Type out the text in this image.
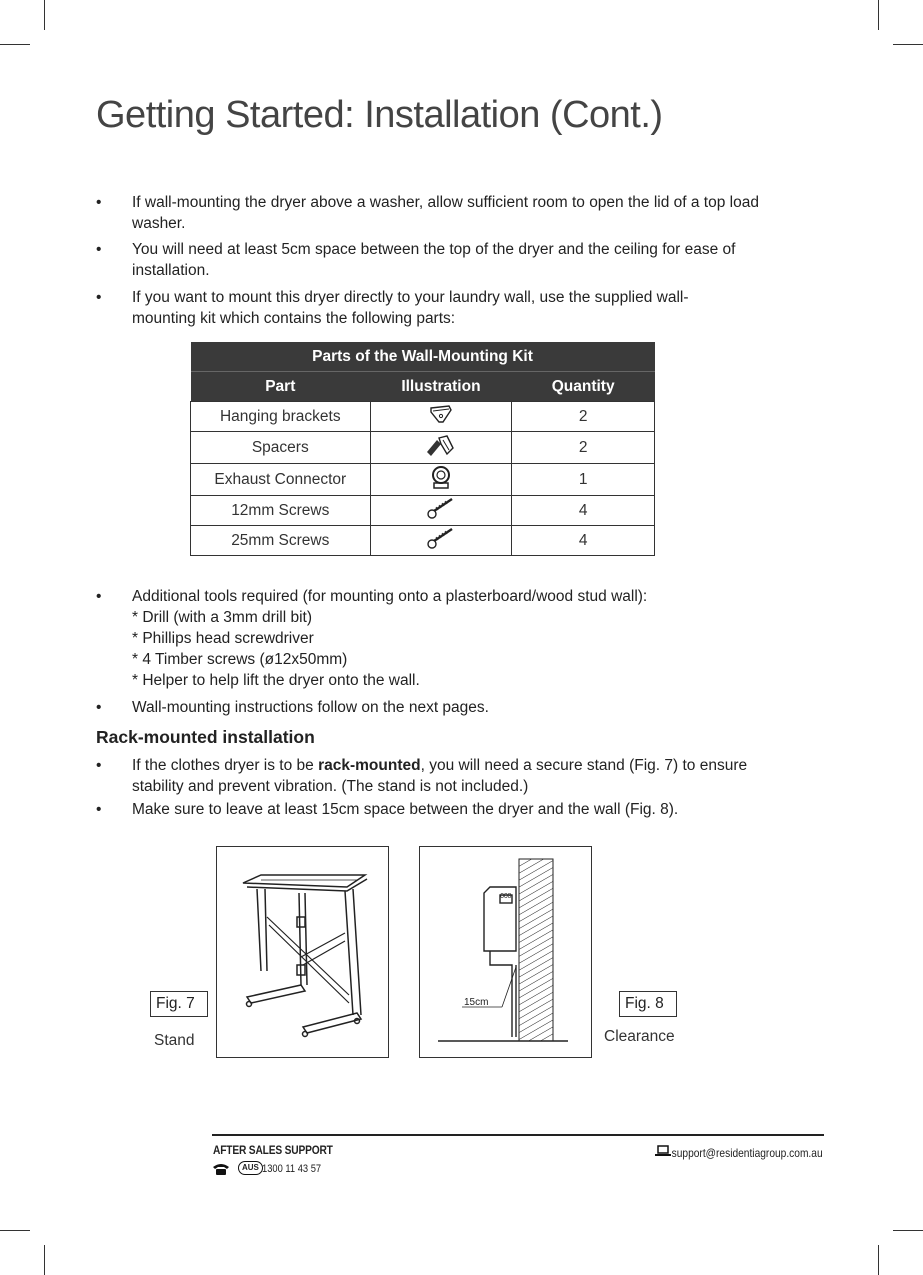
Getting Started: Installation (Cont.)
• If wall-mounting the dryer above a washer, allow sufficient room to open the lid of a top load washer.
• You will need at least 5cm space between the top of the dryer and the ceiling for ease of installation.
• If you want to mount this dryer directly to your laundry wall, use the supplied wall-mounting kit which contains the following parts:
Parts of the Wall-Mounting Kit		
Part	Illustration	Quantity
Hanging brackets		2
Spacers		2
Exhaust Connector		1
12mm Screws		4
25mm Screws		4
• Additional tools required (for mounting onto a plasterboard/wood stud wall):
* Drill (with a 3mm drill bit)
* Phillips head screwdriver
* 4 Timber screws (ø12x50mm)
* Helper to help lift the dryer onto the wall.
• Wall-mounting instructions follow on the next pages.
Rack-mounted installation
• If the clothes dryer is to be rack-mounted, you will need a secure stand (Fig. 7) to ensure stability and prevent vibration. (The stand is not included.)
• Make sure to leave at least 15cm space between the dryer and the wall (Fig. 8).
Fig. 7
Stand
000
15cm	Fig. 8
Clearance
AFTER SALES SUPPORT
AUS 1300 11 43 57
support@residentiagroup.com.au
